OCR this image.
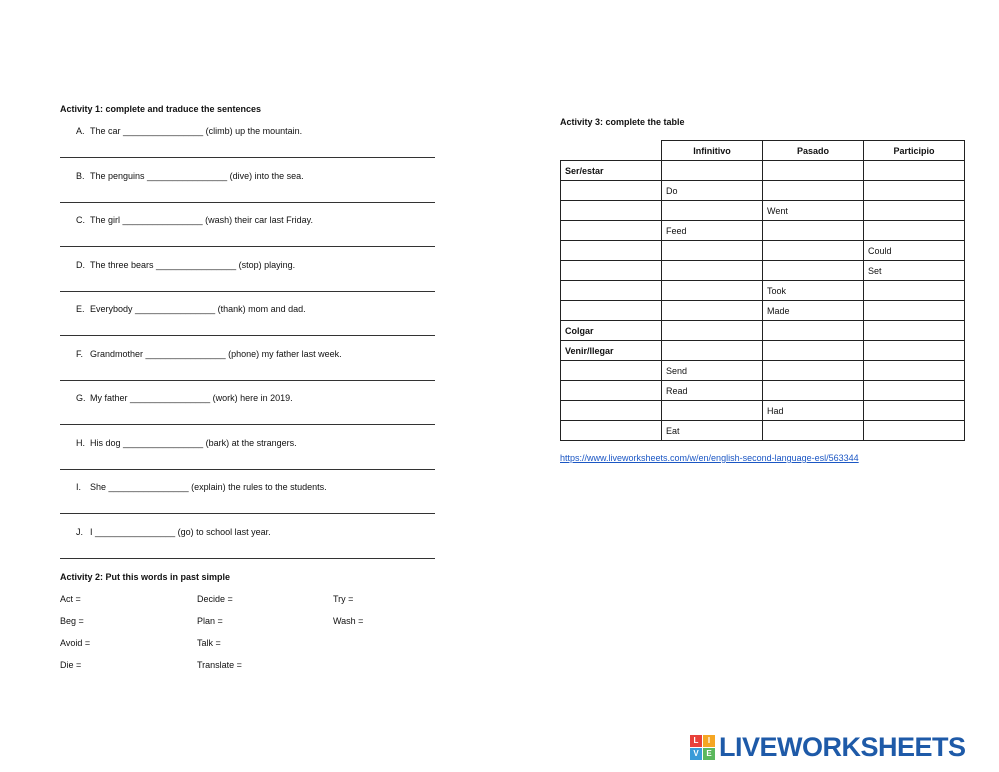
Activity 1: complete and traduce the sentences
A. The car ________________ (climb) up the mountain.
B. The penguins ________________ (dive) into the sea.
C. The girl ________________ (wash) their car last Friday.
D. The three bears ________________ (stop) playing.
E. Everybody ________________ (thank) mom and dad.
F. Grandmother ________________ (phone) my father last week.
G. My father ________________ (work) here in 2019.
H. His dog ________________ (bark) at the strangers.
I. She ________________ (explain) the rules to the students.
J. I ________________ (go) to school last year.
Activity 2: Put this words in past simple
Act =	Decide =	Try =
Beg =	Plan =	Wash =
Avoid =	Talk =
Die =	Translate =
Activity 3: complete the table
	Infinitivo	Pasado	Participio
Ser/estar			
	Do		
		Went	
	Feed		
			Could
			Set
		Took	
		Made	
Colgar			
Venir/llegar			
	Send		
	Read		
		Had	
	Eat		
https://www.liveworksheets.com/w/en/english-second-language-esl/563344
L	I
V E LIVEWORKSHEETS
